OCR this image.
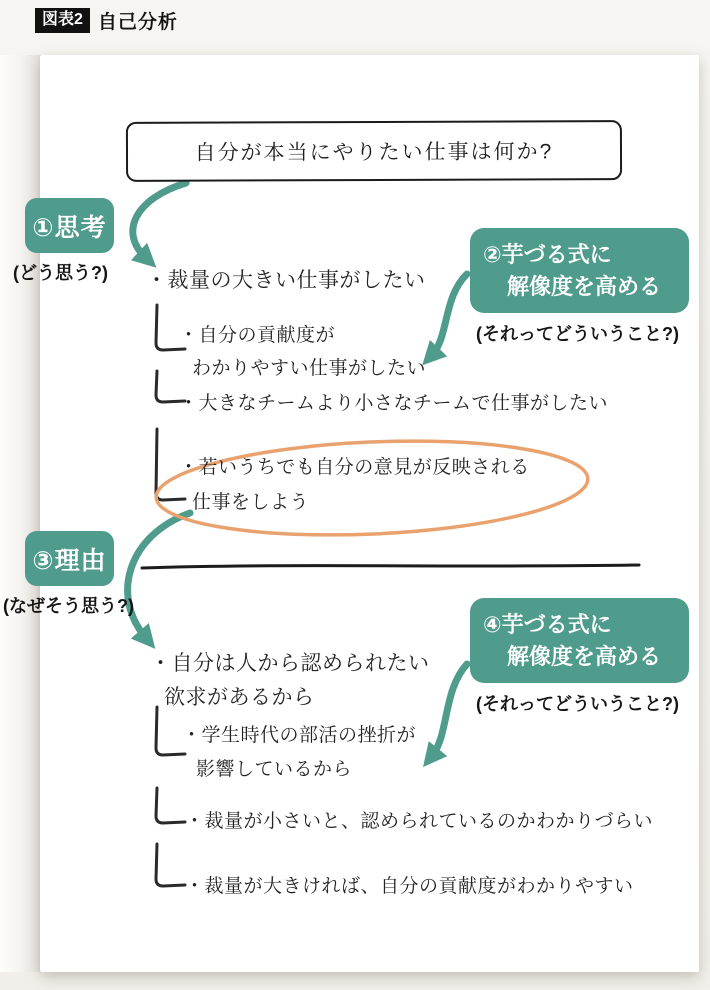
図表2 自己分析
自分が本当にやりたい仕事は何か?
①思考
(どう思う?)
②芋づる式に
解像度を高める
(それってどういうこと?)
③理由
(なぜそう思う?)
④芋づる式に
解像度を高める
(それってどういうこと?)
・裁量の大きい仕事がしたい
・自分の貢献度が
わかりやすい仕事がしたい
・大きなチームより小さなチームで仕事がしたい
・若いうちでも自分の意見が反映される
仕事をしよう
・自分は人から認められたい
欲求があるから
・学生時代の部活の挫折が
影響しているから
・裁量が小さいと、認められているのかわかりづらい
・裁量が大きければ、自分の貢献度がわかりやすい
